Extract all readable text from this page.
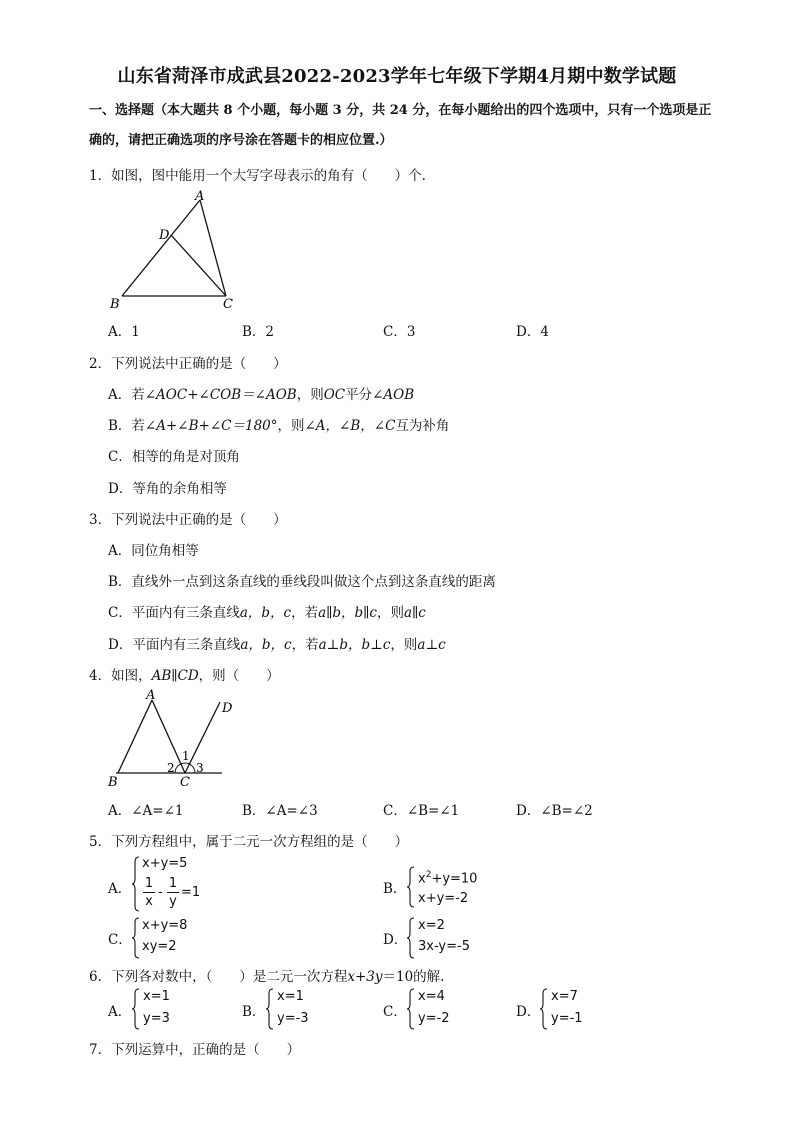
山东省菏泽市成武县2022-2023学年七年级下学期4月期中数学试题
一、选择题（本大题共 8 个小题，每小题 3 分，共 24 分，在每小题给出的四个选项中，只有一个选项是正
确的，请把正确选项的序号涂在答题卡的相应位置.）
1．如图，图中能用一个大写字母表示的角有（　　）个.
A
D
B	C
A．1	B．2	C．3	D．4
2．下列说法中正确的是（　　）
A．若∠AOC+∠COB＝∠AOB，则OC平分∠AOB
B．若∠A+∠B+∠C＝180°，则∠A，∠B，∠C互为补角
C．相等的角是对顶角
D．等角的余角相等
3．下列说法中正确的是（　　）
A．同位角相等
B．直线外一点到这条直线的垂线段叫做这个点到这条直线的距离
C．平面内有三条直线a，b，c，若a∥b，b∥c，则a∥c
D．平面内有三条直线a，b，c，若a⊥b，b⊥c，则a⊥c
4．如图，AB∥CD，则（　　）
A
D
B	C
1
2 3
A．∠A=∠1	B．∠A=∠3	C．∠B=∠1	D．∠B=∠2
5．下列方程组中，属于二元一次方程组的是（　　）
A．
x+y=5
1
x
-
1
y
=1	B．
$x^2+y=10$
x+y=-2
C．
x+y=8
xy=2	D．
x=2
3x-y=-5
6．下列各对数中，（　　）是二元一次方程x+3y＝10的解.
A．
x=1
y=3	B．
x=1
y=-3	C．
x=4
y=-2	D．
x=7
y=-1
7．下列运算中，正确的是（　　）
